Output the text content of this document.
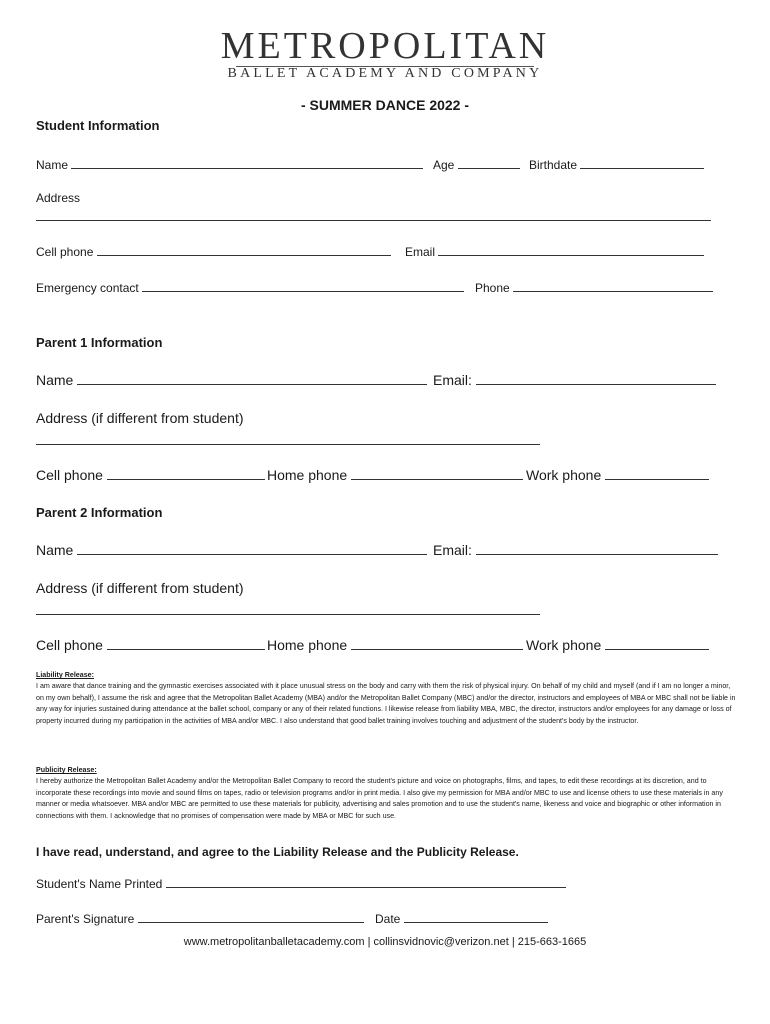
METROPOLITAN
BALLET ACADEMY AND COMPANY
- SUMMER DANCE 2022 -
Student Information
Name	Age	Birthdate
Address
Cell phone	Email
Emergency contact	Phone
Parent 1 Information
Name	Email:
Address (if different from student)
Cell phone	Home phone	Work phone
Parent 2 Information
Name	Email:
Address (if different from student)
Cell phone	Home phone	Work phone
Liability Release:
I am aware that dance training and the gymnastic exercises associated with it place unusual stress on the body and carry with them the risk of physical injury. On behalf of my child and myself (and if I am no longer a minor, on my own behalf), I assume the risk and agree that the Metropolitan Ballet Academy (MBA) and/or the Metropolitan Ballet Company (MBC) and/or the director, instructors and employees of MBA or MBC shall not be liable in any way for injuries sustained during attendance at the ballet school, company or any of their related functions. I likewise release from liability MBA, MBC, the director, instructors and/or employees for any damage or loss of property incurred during my participation in the activities of MBA and/or MBC. I also understand that good ballet training involves touching and adjustment of the student's body by the instructor.
Publicity Release:
I hereby authorize the Metropolitan Ballet Academy and/or the Metropolitan Ballet Company to record the student's picture and voice on photographs, films, and tapes, to edit these recordings at its discretion, and to incorporate these recordings into movie and sound films on tapes, radio or television programs and/or in print media. I also give my permission for MBA and/or MBC to use and license others to use these materials in any manner or media whatsoever. MBA and/or MBC are permitted to use these materials for publicity, advertising and sales promotion and to use the student's name, likeness and voice and biographic or other information in connections with them. I acknowledge that no promises of compensation were made by MBA or MBC for such use.
I have read, understand, and agree to the Liability Release and the Publicity Release.
Student's Name Printed
Parent's Signature	Date
www.metropolitanballetacademy.com | collinsvidnovic@verizon.net | 215-663-1665
